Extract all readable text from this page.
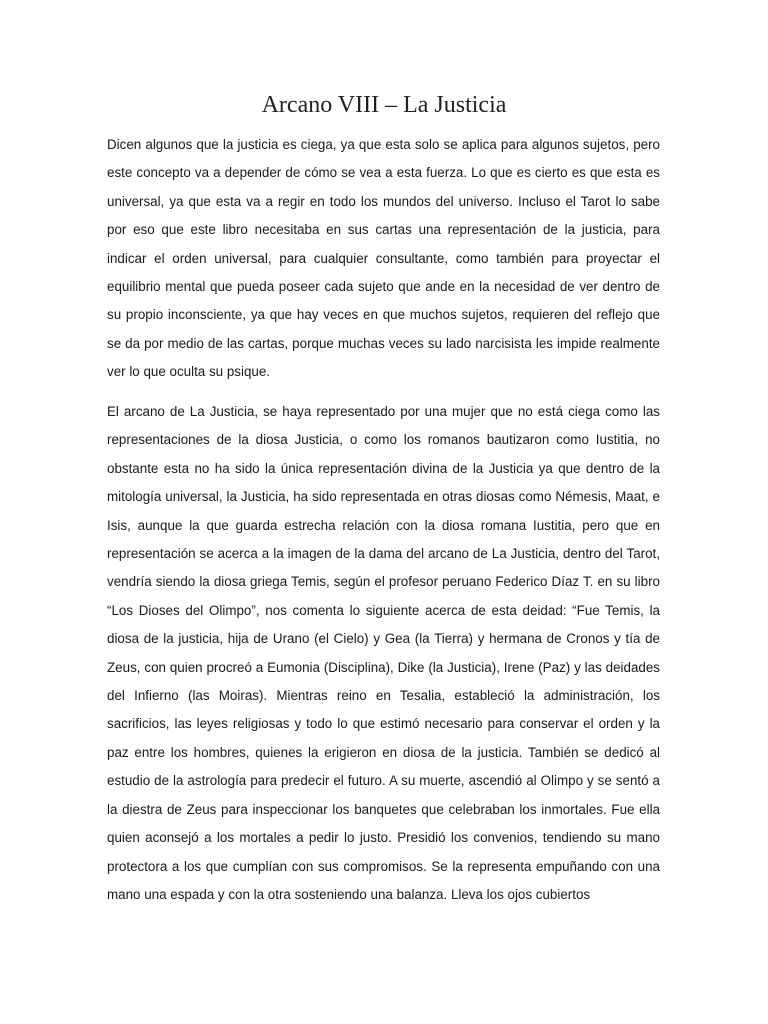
Arcano VIII – La Justicia

Dicen algunos que la justicia es ciega, ya que esta solo se aplica para algunos sujetos, pero este concepto va a depender de cómo se vea a esta fuerza. Lo que es cierto es que esta es universal, ya que esta va a regir en todo los mundos del universo. Incluso el Tarot lo sabe por eso que este libro necesitaba en sus cartas una representación de la justicia, para indicar el orden universal, para cualquier consultante, como también para proyectar el equilibrio mental que pueda poseer cada sujeto que ande en la necesidad de ver dentro de su propio inconsciente, ya que hay veces en que muchos sujetos, requieren del reflejo que se da por medio de las cartas, porque muchas veces su lado narcisista les impide realmente ver lo que oculta su psique.

El arcano de La Justicia, se haya representado por una mujer que no está ciega como las representaciones de la diosa Justicia, o como los romanos bautizaron como Iustitia, no obstante esta no ha sido la única representación divina de la Justicia ya que dentro de la mitología universal, la Justicia, ha sido representada en otras diosas como Némesis, Maat, e Isis, aunque la que guarda estrecha relación con la diosa romana Iustitia, pero que en representación se acerca a la imagen de la dama del arcano de La Justicia, dentro del Tarot, vendría siendo la diosa griega Temis, según el profesor peruano Federico Díaz T. en su libro “Los Dioses del Olimpo”, nos comenta lo siguiente acerca de esta deidad: “Fue Temis, la diosa de la justicia, hija de Urano (el Cielo) y Gea (la Tierra) y hermana de Cronos y tía de Zeus, con quien procreó a Eumonia (Disciplina), Dike (la Justicia), Irene (Paz) y las deidades del Infierno (las Moiras). Mientras reino en Tesalia, estableció la administración, los sacrificios, las leyes religiosas y todo lo que estimó necesario para conservar el orden y la paz entre los hombres, quienes la erigieron en diosa de la justicia. También se dedicó al estudio de la astrología para predecir el futuro. A su muerte, ascendió al Olimpo y se sentó a la diestra de Zeus para inspeccionar los banquetes que celebraban los inmortales. Fue ella quien aconsejó a los mortales a pedir lo justo. Presidió los convenios, tendiendo su mano protectora a los que cumplían con sus compromisos. Se la representa empuñando con una mano una espada y con la otra sosteniendo una balanza. Lleva los ojos cubiertos
